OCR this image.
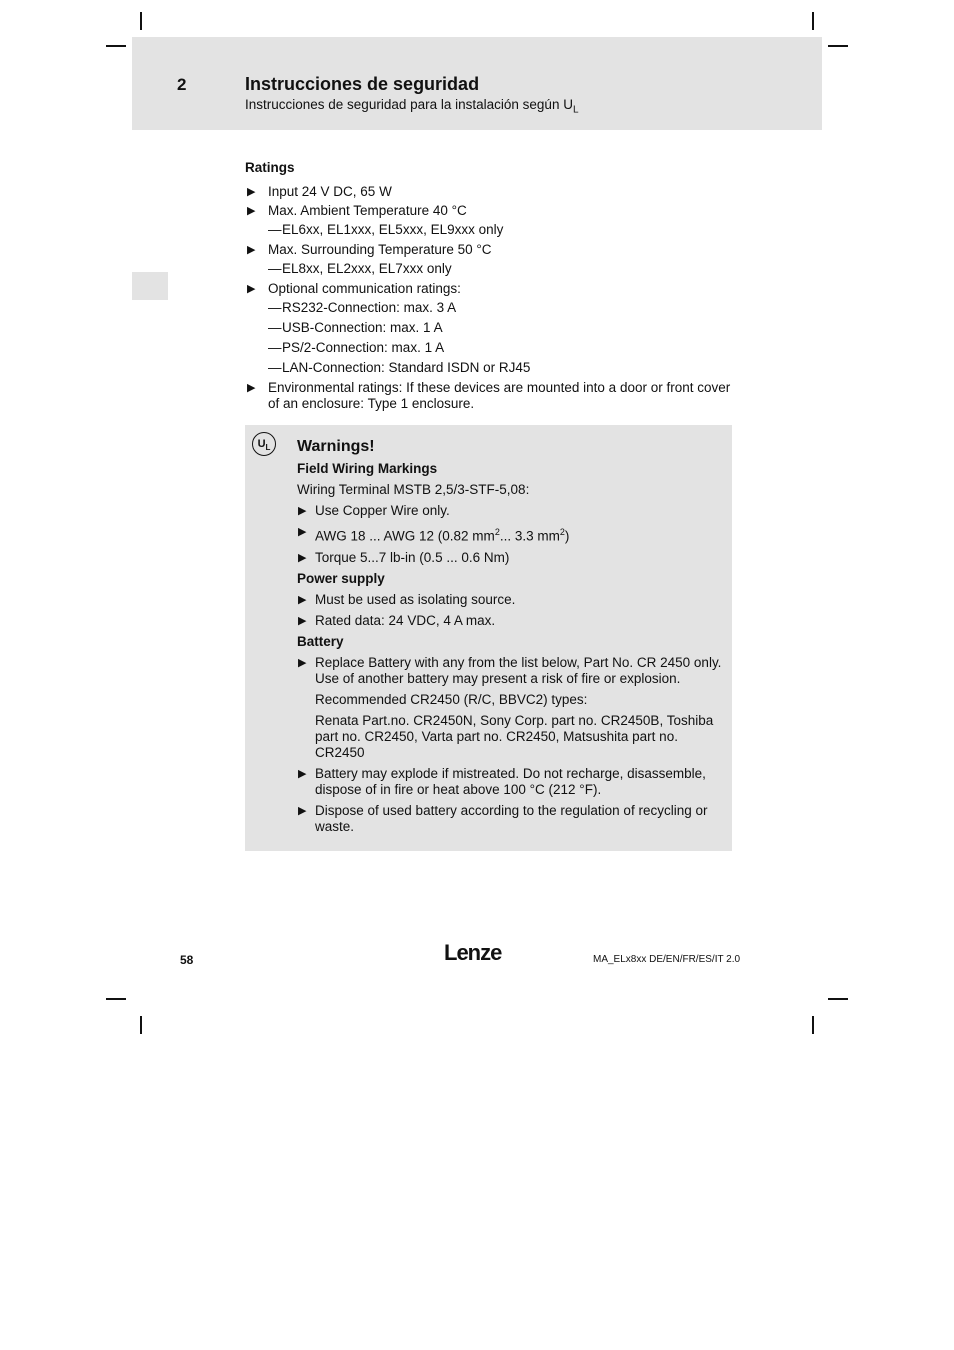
2	Instrucciones de seguridad
Instrucciones de seguridad para la instalación según $U_L$
Ratings
▶ Input 24 V DC, 65 W
▶ Max. Ambient Temperature 40 °C
— EL6xx, EL1xxx, EL5xxx, EL9xxx only
▶ Max. Surrounding Temperature 50 °C
— EL8xx, EL2xxx, EL7xxx only
▶ Optional communication ratings:
— RS232-Connection: max. 3 A
— USB-Connection: max. 1 A
— PS/2-Connection: max. 1 A
— LAN-Connection: Standard ISDN or RJ45
▶ Environmental ratings: If these devices are mounted into a door or front cover of an enclosure: Type 1 enclosure.
$U_L$	Warnings!
Field Wiring Markings
Wiring Terminal MSTB 2,5/3-STF-5,08:
▶ Use Copper Wire only.
▶ AWG 18 ... AWG 12 (0.82 $mm^2$... 3.3 $mm^2$)
▶ Torque 5...7 lb-in (0.5 ... 0.6 Nm)
Power supply
▶ Must be used as isolating source.
▶ Rated data: 24 VDC, 4 A max.
Battery
▶ Replace Battery with any from the list below, Part No. CR 2450 only. Use of another battery may present a risk of fire or explosion.
Recommended CR2450 (R/C, BBVC2) types:
Renata Part.no. CR2450N, Sony Corp. part no. CR2450B, Toshiba part no. CR2450, Varta part no. CR2450, Matsushita part no. CR2450
▶ Battery may explode if mistreated. Do not recharge, disassemble, dispose of in fire or heat above 100 °C (212 °F).
▶ Dispose of used battery according to the regulation of recycling or waste.
58	Lenze	MA_ELx8xx DE/EN/FR/ES/IT 2.0
